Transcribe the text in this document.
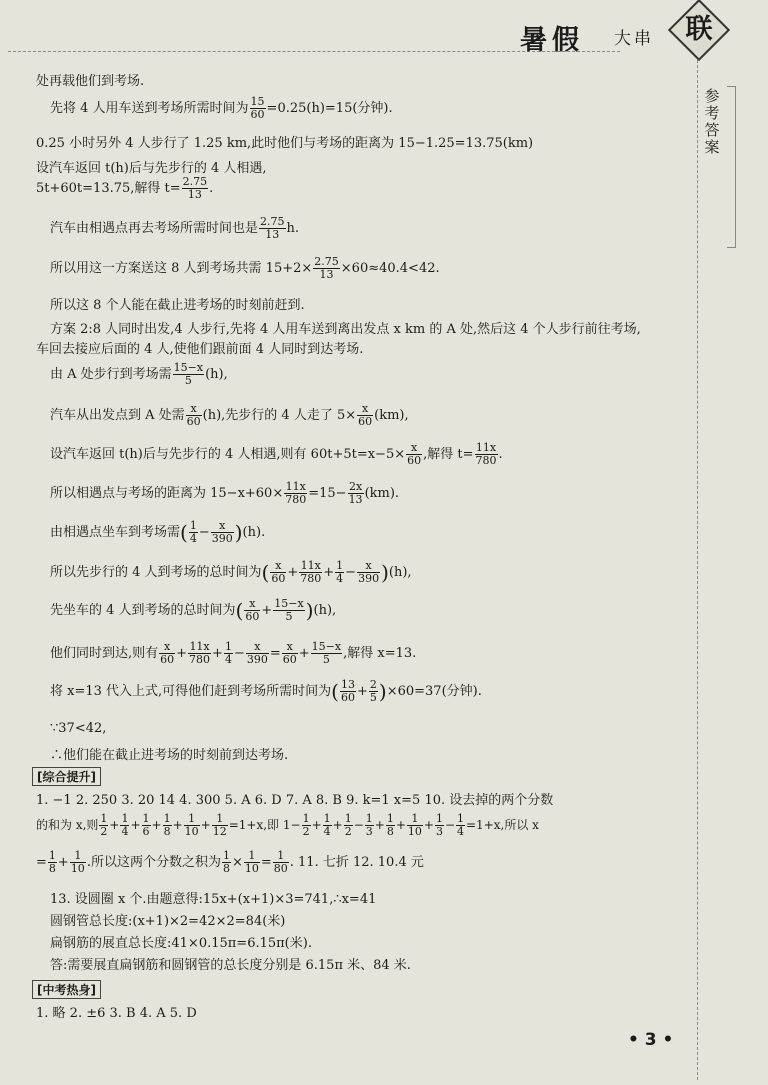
暑假 大串 联
参考答案
处再载他们到考场.
先将 4 人用车送到考场所需时间为 $\frac{15}{60} =0.25(h)=15$(分钟).
0.25 小时另外 4 人步行了 1.25 km,此时他们与考场的距离为 15−1.25=13.75(km)
设汽车返回 t(h)后与先步行的 4 人相遇,
5t+60t=13.75,解得 $t= \frac{2.75}{13}$ .
汽车由相遇点再去考场所需时间也是 $\frac{2.75}{13} h$.
所以用这一方案送这 8 人到考场共需 $15+2\times \frac{2.75}{13} \times 60\approx 40.4<42$.
所以这 8 个人能在截止进考场的时刻前赶到.
方案 2:8 人同时出发,4 人步行,先将 4 人用车送到离出发点 x km 的 A 处,然后这 4 个人步行前往考场,
车回去接应后面的 4 人,使他们跟前面 4 人同时到达考场.
由 A 处步行到考场需 $\frac{15-x}{5} (h)$,
汽车从出发点到 A 处需 $\frac{x}{60} (h)$,先步行的 4 人走了 $5\times \frac{x}{60} (km)$,
设汽车返回 t(h)后与先步行的 4 人相遇,则有 $60t+5t=x-5\times \frac{x}{60}$ ,解得 $t= \frac{11x}{780}$ .
所以相遇点与考场的距离为 $15-x+60\times \frac{11x}{780} =15- \frac{2x}{13} (km)$.
由相遇点坐车到考场需( $\frac{1}{4} - \frac{x}{390} )(h)$.
所以先步行的 4 人到考场的总时间为( $\frac{x}{60} + \frac{11x}{780} + \frac{1}{4} - \frac{x}{390} )(h)$,
先坐车的 4 人到考场的总时间为( $\frac{x}{60} + \frac{15-x}{5} )(h)$,
他们同时到达,则有 $\frac{x}{60} + \frac{11x}{780} + \frac{1}{4} - \frac{x}{390} = \frac{x}{60} + \frac{15-x}{5}$ ,解得 x=13.
将 x=13 代入上式,可得他们赶到考场所需时间为( $\frac{13}{60} + \frac{2}{5} )\times 60=37$(分钟).
∵37<42,
∴他们能在截止进考场的时刻前到达考场.
[综合提升]
1. −1 2. 250 3. 20 14 4. 300 5. A 6. D 7. A 8. B 9. k=1 x=5 10. 设去掉的两个分数
的和为 x,则 $\frac{1}{2} + \frac{1}{4} + \frac{1}{6} + \frac{1}{8} + \frac{1}{10} + \frac{1}{12} =1+x$,即 $1- \frac{1}{2} + \frac{1}{4} + \frac{1}{2} - \frac{1}{3} + \frac{1}{8} + \frac{1}{10} + \frac{1}{3} - \frac{1}{4} =1+x$,所以 x
= $\frac{1}{8} + \frac{1}{10}$ .所以这两个分数之积为 $\frac{1}{8} \times \frac{1}{10} = \frac{1}{80}$ . 11. 七折 12. 10.4 元
13. 设圆圈 x 个.由题意得:15x+(x+1)×3=741,∴x=41
圆钢管总长度:(x+1)×2=42×2=84(米)
扁钢筋的展直总长度:41×0.15π=6.15π(米).
答:需要展直扁钢筋和圆钢管的总长度分别是 6.15π 米、84 米.
[中考热身]
1. 略 2. ±6 3. B 4. A 5. D
• 3 •
